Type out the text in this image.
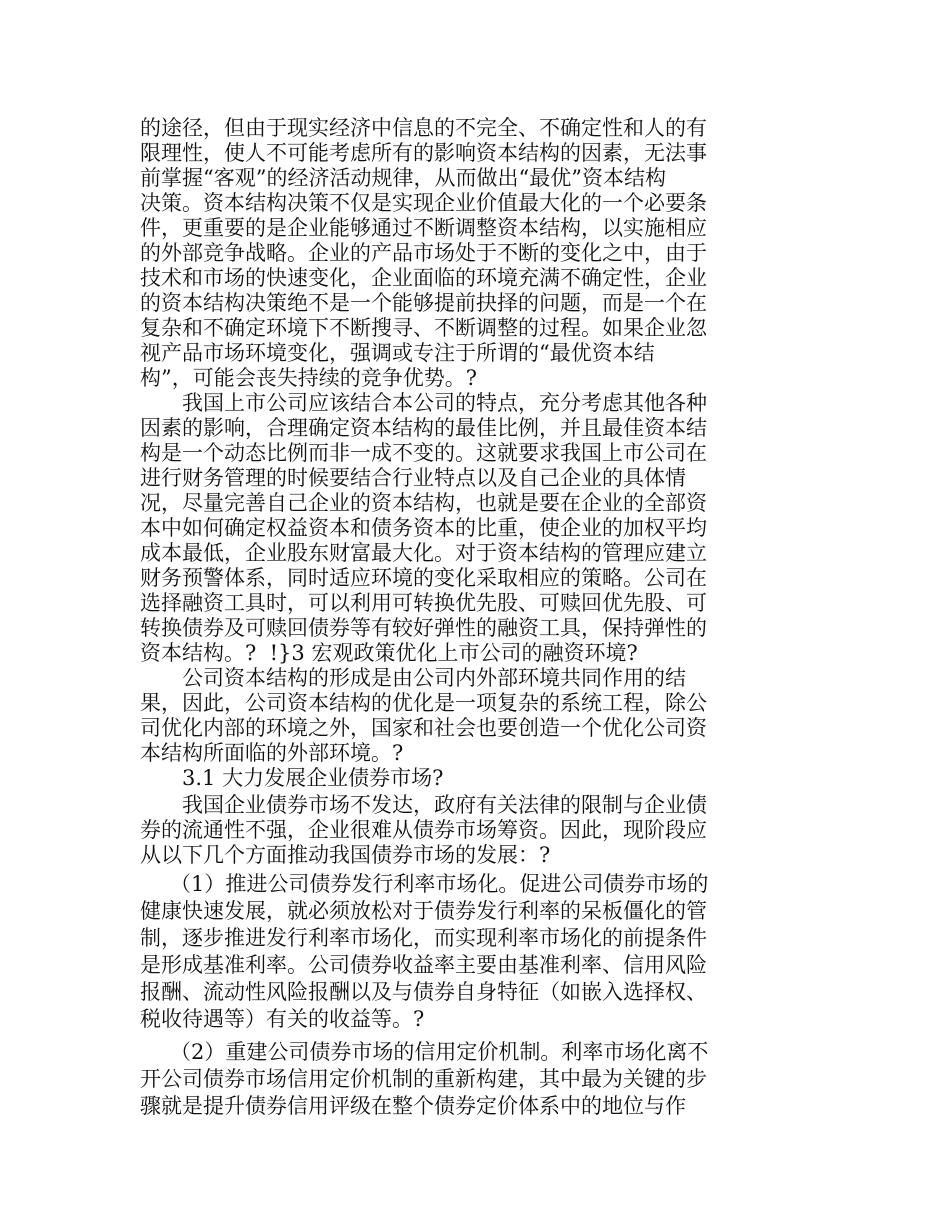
的途径，但由于现实经济中信息的不完全、不确定性和人的有

限理性，使人不可能考虑所有的影响资本结构的因素，无法事

前掌握“客观”的经济活动规律，从而做出“最优”资本结构

决策。资本结构决策不仅是实现企业价值最大化的一个必要条

件，更重要的是企业能够通过不断调整资本结构，以实施相应

的外部竞争战略。企业的产品市场处于不断的变化之中，由于

技术和市场的快速变化，企业面临的环境充满不确定性，企业

的资本结构决策绝不是一个能够提前抉择的问题，而是一个在

复杂和不确定环境下不断搜寻、不断调整的过程。如果企业忽

视产品市场环境变化，强调或专注于所谓的“最优资本结

构”，可能会丧失持续的竞争优势。?

我国上市公司应该结合本公司的特点，充分考虑其他各种

因素的影响，合理确定资本结构的最佳比例，并且最佳资本结

构是一个动态比例而非一成不变的。这就要求我国上市公司在

进行财务管理的时候要结合行业特点以及自己企业的具体情

况，尽量完善自己企业的资本结构，也就是要在企业的全部资

本中如何确定权益资本和债务资本的比重，使企业的加权平均

成本最低，企业股东财富最大化。对于资本结构的管理应建立

财务预警体系，同时适应环境的变化采取相应的策略。公司在

选择融资工具时，可以利用可转换优先股、可赎回优先股、可

转换债券及可赎回债券等有较好弹性的融资工具，保持弹性的

资本结构。?  !}3 宏观政策优化上市公司的融资环境?

公司资本结构的形成是由公司内外部环境共同作用的结

果，因此，公司资本结构的优化是一项复杂的系统工程，除公

司优化内部的环境之外，国家和社会也要创造一个优化公司资

本结构所面临的外部环境。?

3.1 大力发展企业债券市场?

我国企业债券市场不发达，政府有关法律的限制与企业债

券的流通性不强，企业很难从债券市场筹资。因此，现阶段应

从以下几个方面推动我国债券市场的发展：?

（1）推进公司债券发行利率市场化。促进公司债券市场的

健康快速发展，就必须放松对于债券发行利率的呆板僵化的管

制，逐步推进发行利率市场化，而实现利率市场化的前提条件

是形成基准利率。公司债券收益率主要由基准利率、信用风险

报酬、流动性风险报酬以及与债券自身特征（如嵌入选择权、

税收待遇等）有关的收益等。?

（2）重建公司债券市场的信用定价机制。利率市场化离不

开公司债券市场信用定价机制的重新构建，其中最为关键的步

骤就是提升债券信用评级在整个债券定价体系中的地位与作
